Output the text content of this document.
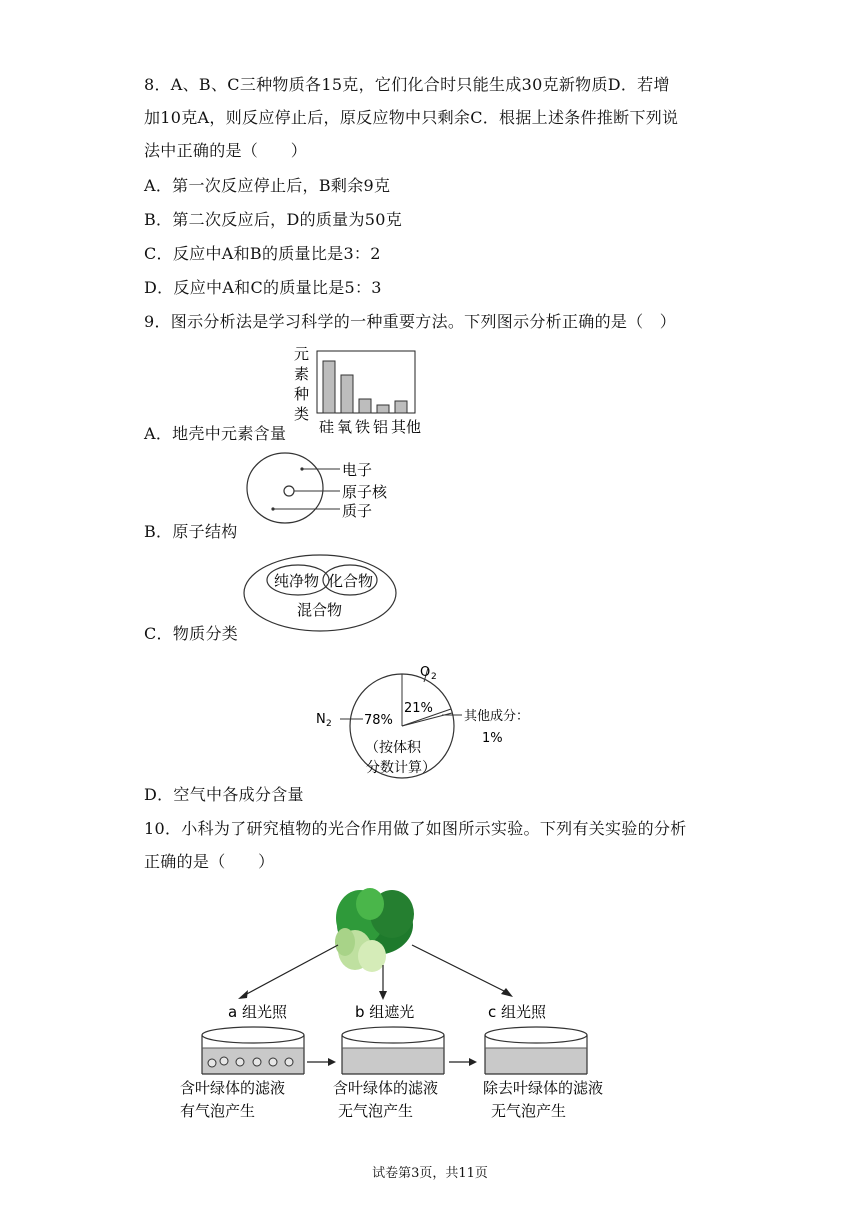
8．A、B、C三种物质各15克，它们化合时只能生成30克新物质D．若增
加10克A，则反应停止后，原反应物中只剩余C．根据上述条件推断下列说
法中正确的是（　　）
A．第一次反应停止后，B剩余9克
B．第二次反应后，D的质量为50克
C．反应中A和B的质量比是3：2
D．反应中A和C的质量比是5：3
9．图示分析法是学习科学的一种重要方法。下列图示分析正确的是（　）
元
素
种
类
硅 氧 铁 铝 其他
A．地壳中元素含量
电子
原子核
质子
B．原子结构
纯净物 化合物
混合物
C．物质分类
O 2
N 2 78%
21%
其他成分：
1%
（按体积
分数计算）
D．空气中各成分含量
10．小科为了研究植物的光合作用做了如图所示实验。下列有关实验的分析
正确的是（　　）
a 组光照	b 组遮光	c 组光照
含叶绿体的滤液
有气泡产生
含叶绿体的滤液
无气泡产生
除去叶绿体的滤液
无气泡产生
试卷第3页，共11页
